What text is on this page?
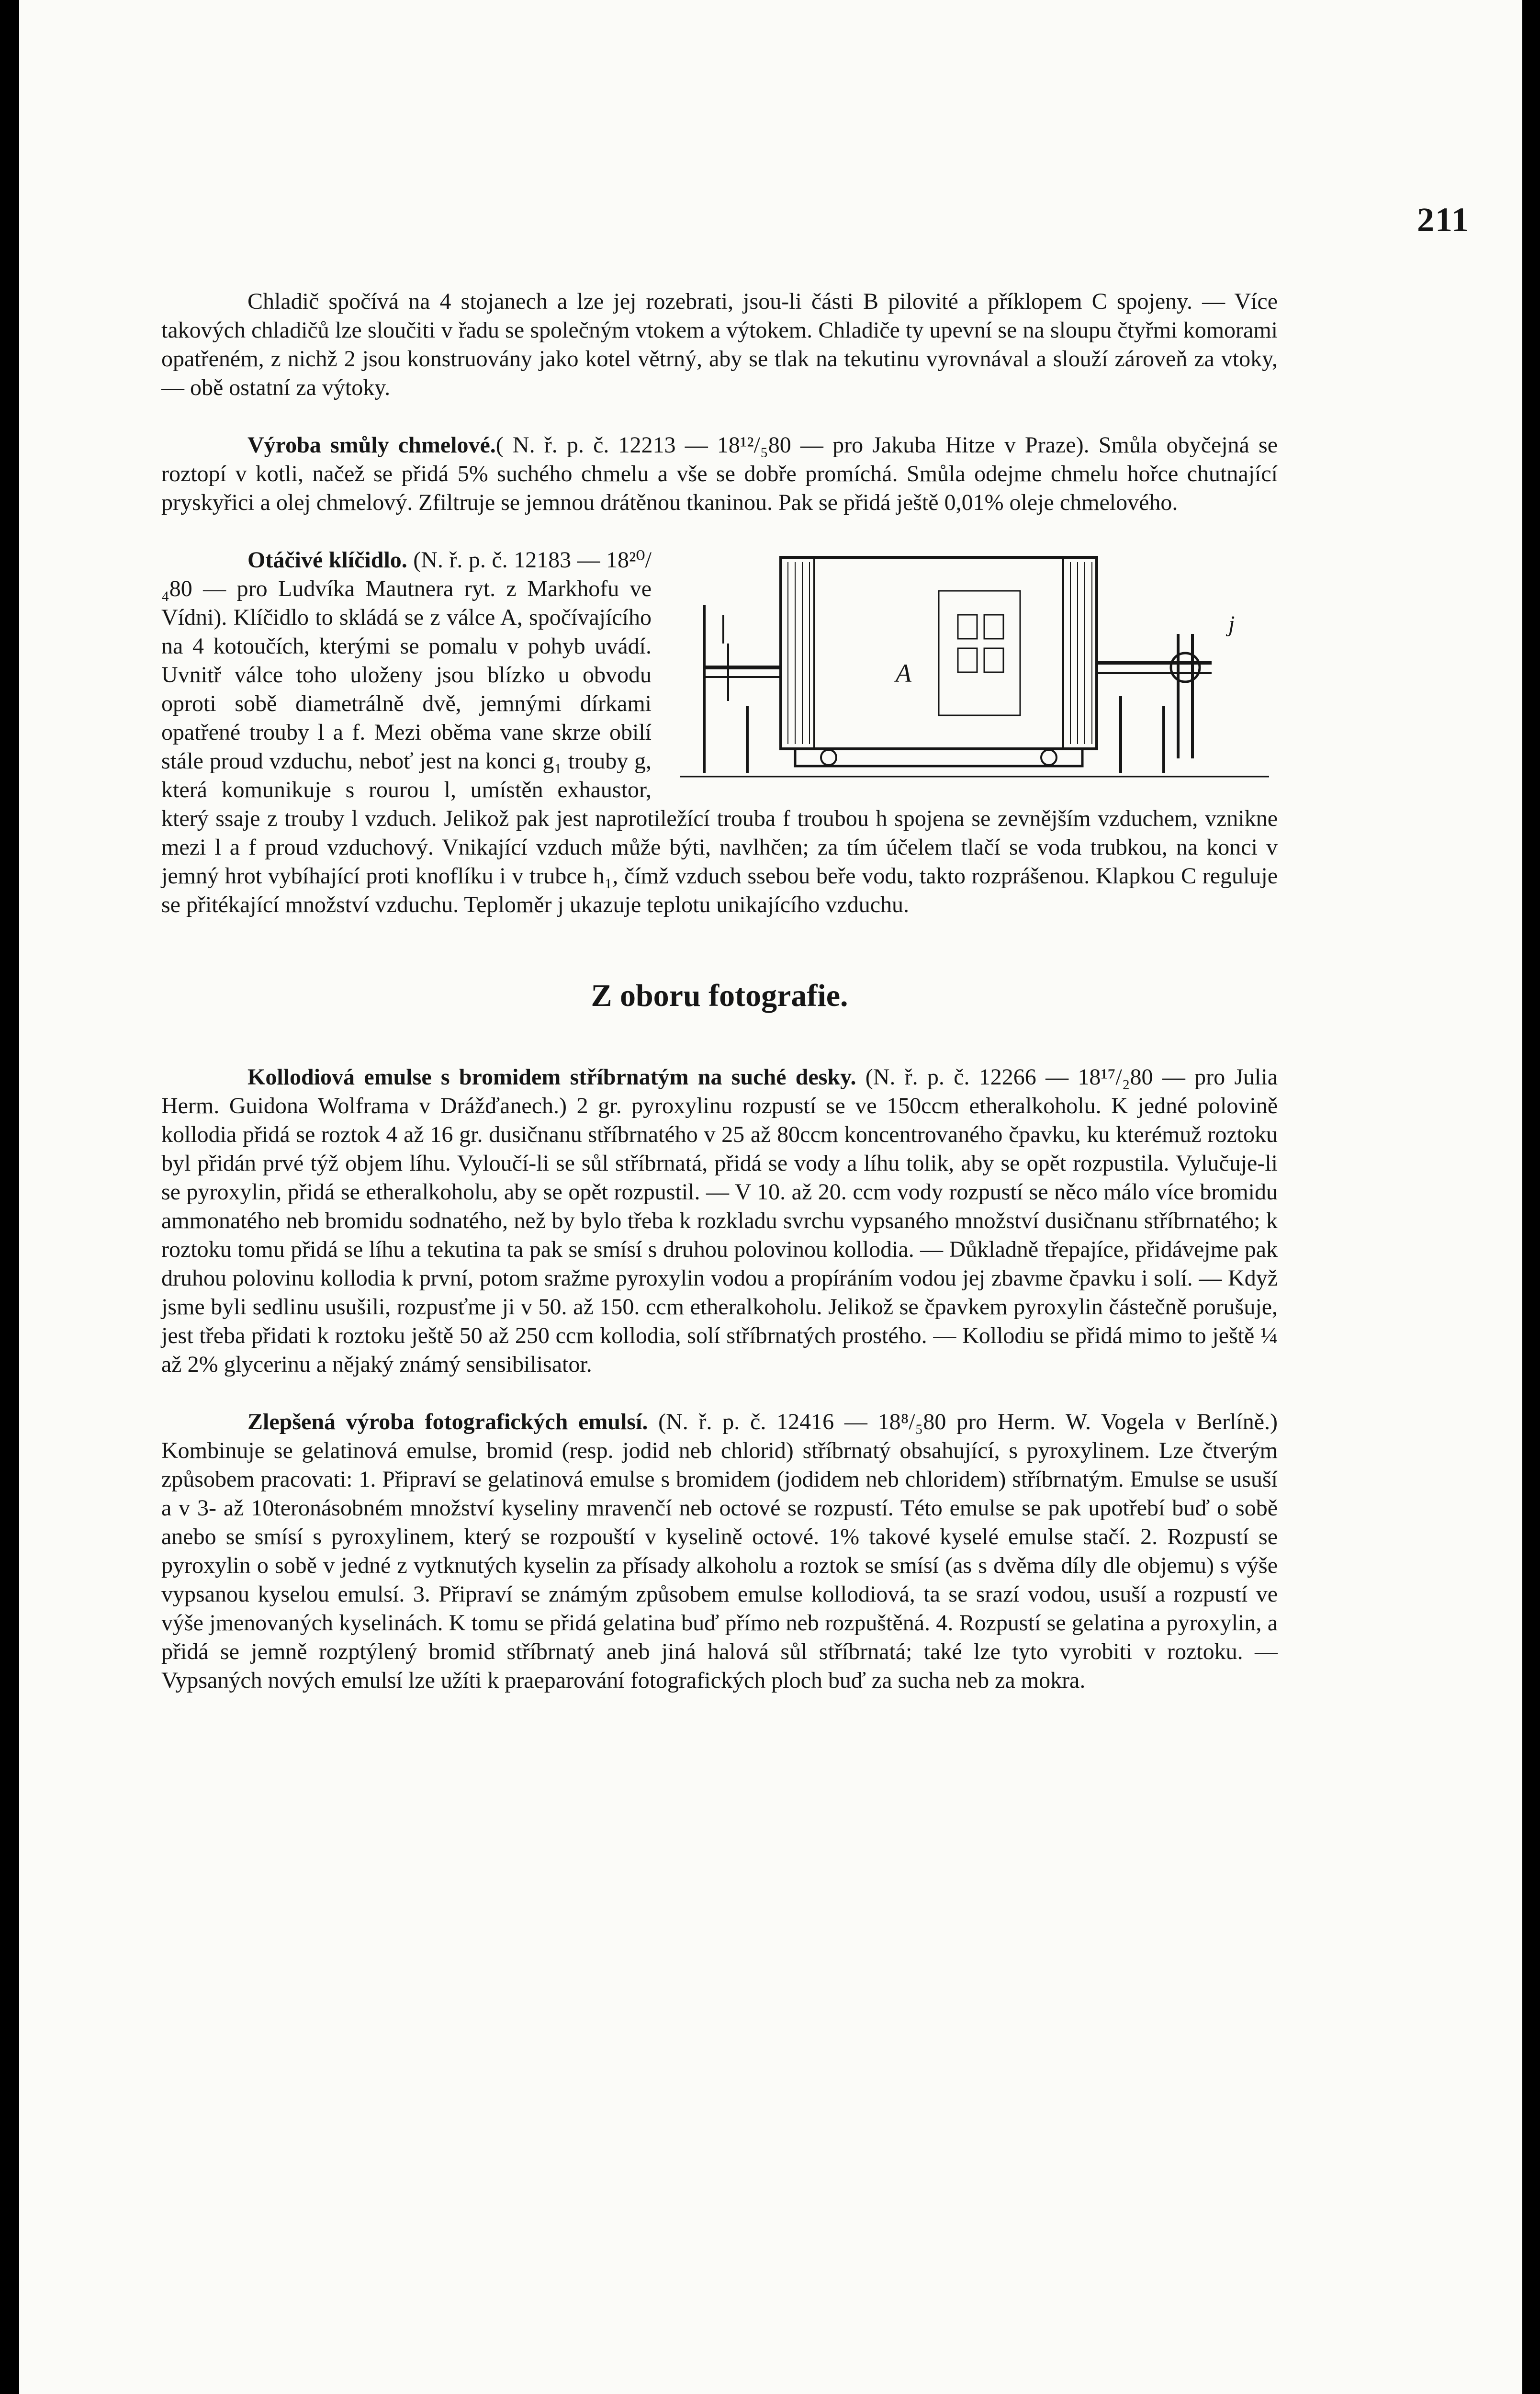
211

Chladič spočívá na 4 stojanech a lze jej rozebrati, jsou-li části B pilovité a příklopem C spojeny. — Více takových chladičů lze sloučiti v řadu se společným vtokem a výtokem. Chladiče ty upevní se na sloupu čtyřmi komorami opatřeném, z nichž 2 jsou konstruovány jako kotel větrný, aby se tlak na tekutinu vyrovnával a slouží zároveň za vtoky, — obě ostatní za výtoky.

Výroba smůly chmelové.( N. ř. p. č. 12213 — 18¹²/₅80 — pro Jakuba Hitze v Praze). Smůla obyčejná se roztopí v kotli, načež se přidá 5% suchého chmelu a vše se dobře promíchá. Smůla odejme chmelu hořce chutnající pryskyřici a olej chmelový. Zfiltruje se jemnou drátěnou tkaninou. Pak se přidá ještě 0,01% oleje chmelového.

A
j

Otáčivé klíčidlo. (N. ř. p. č. 12183 — 18²⁰/₄80 — pro Ludvíka Mautnera ryt. z Markhofu ve Vídni). Klíčidlo to skládá se z válce A, spočívajícího na 4 kotoučích, kterými se pomalu v pohyb uvádí. Uvnitř válce toho uloženy jsou blízko u obvodu oproti sobě diametrálně dvě, jemnými dírkami opatřené trouby l a f. Mezi oběma vane skrze obilí stále proud vzduchu, neboť jest na konci g₁ trouby g, která komunikuje s rourou l, umístěn exhaustor, který ssaje z trouby l vzduch. Jelikož pak jest naprotiležící trouba f troubou h spojena se zevnějším vzduchem, vznikne mezi l a f proud vzduchový. Vnikající vzduch může býti, navlhčen; za tím účelem tlačí se voda trubkou, na konci v jemný hrot vybíhající proti knoflíku i v trubce h₁, čímž vzduch ssebou beře vodu, takto rozprášenou. Klapkou C reguluje se přitékající množství vzduchu. Teploměr j ukazuje teplotu unikajícího vzduchu.

Z oboru fotografie.

Kollodiová emulse s bromidem stříbrnatým na suché desky. (N. ř. p. č. 12266 — 18¹⁷/₂80 — pro Julia Herm. Guidona Wolframa v Drážďanech.) 2 gr. pyroxylinu rozpustí se ve 150ccm etheralkoholu. K jedné polovině kollodia přidá se roztok 4 až 16 gr. dusičnanu stříbrnatého v 25 až 80ccm koncentrovaného čpavku, ku kterémuž roztoku byl přidán prvé týž objem líhu. Vyloučí-li se sůl stříbrnatá, přidá se vody a líhu tolik, aby se opět rozpustila. Vylučuje-li se pyroxylin, přidá se etheralkoholu, aby se opět rozpustil. — V 10. až 20. ccm vody rozpustí se něco málo více bromidu ammonatého neb bromidu sodnatého, než by bylo třeba k rozkladu svrchu vypsaného množství dusičnanu stříbrnatého; k roztoku tomu přidá se líhu a tekutina ta pak se smísí s druhou polovinou kollodia. — Důkladně třepajíce, přidávejme pak druhou polovinu kollodia k první, potom sražme pyroxylin vodou a propíráním vodou jej zbavme čpavku i solí. — Když jsme byli sedlinu usušili, rozpusťme ji v 50. až 150. ccm etheralkoholu. Jelikož se čpavkem pyroxylin částečně porušuje, jest třeba přidati k roztoku ještě 50 až 250 ccm kollodia, solí stříbrnatých prostého. — Kollodiu se přidá mimo to ještě ¼ až 2% glycerinu a nějaký známý sensibilisator.

Zlepšená výroba fotografických emulsí. (N. ř. p. č. 12416 — 18⁸/₅80 pro Herm. W. Vogela v Berlíně.) Kombinuje se gelatinová emulse, bromid (resp. jodid neb chlorid) stříbrnatý obsahující, s pyroxylinem. Lze čtverým způsobem pracovati: 1. Připraví se gelatinová emulse s bromidem (jodidem neb chloridem) stříbrnatým. Emulse se usuší a v 3- až 10teronásobném množství kyseliny mravenčí neb octové se rozpustí. Této emulse se pak upotřebí buď o sobě anebo se smísí s pyroxylinem, který se rozpouští v kyselině octové. 1% takové kyselé emulse stačí. 2. Rozpustí se pyroxylin o sobě v jedné z vytknutých kyselin za přísady alkoholu a roztok se smísí (as s dvěma díly dle objemu) s výše vypsanou kyselou emulsí. 3. Připraví se známým způsobem emulse kollodiová, ta se srazí vodou, usuší a rozpustí ve výše jmenovaných kyselinách. K tomu se přidá gelatina buď přímo neb rozpuštěná. 4. Rozpustí se gelatina a pyroxylin, a přidá se jemně rozptýlený bromid stříbrnatý aneb jiná halová sůl stříbrnatá; také lze tyto vyrobiti v roztoku. — Vypsaných nových emulsí lze užíti k praeparování fotografických ploch buď za sucha neb za mokra.
